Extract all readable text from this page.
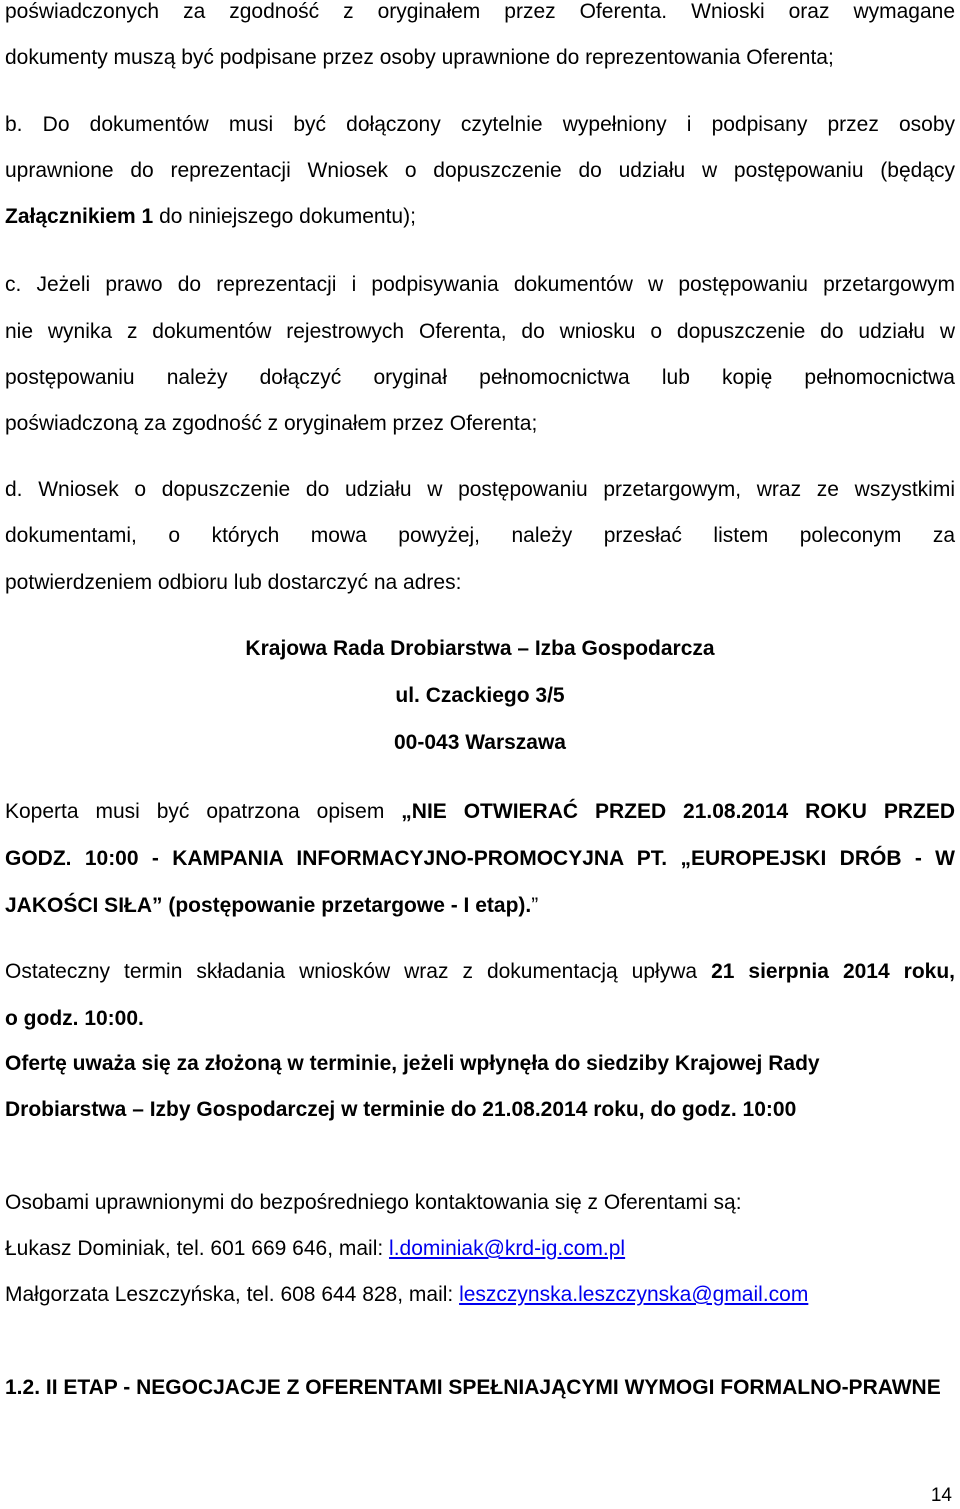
poświadczonych za zgodność z oryginałem przez Oferenta. Wnioski oraz wymagane
dokumenty muszą być podpisane przez osoby uprawnione do reprezentowania Oferenta;
b. Do dokumentów musi być dołączony czytelnie wypełniony i podpisany przez osoby
uprawnione do reprezentacji Wniosek o dopuszczenie do udziału w postępowaniu (będący
Załącznikiem 1 do niniejszego dokumentu);
c. Jeżeli prawo do reprezentacji i podpisywania dokumentów w postępowaniu przetargowym
nie wynika z dokumentów rejestrowych Oferenta, do wniosku o dopuszczenie do udziału w
postępowaniu należy dołączyć oryginał pełnomocnictwa lub kopię pełnomocnictwa
poświadczoną za zgodność z oryginałem przez Oferenta;
d. Wniosek o dopuszczenie do udziału w postępowaniu przetargowym, wraz ze wszystkimi
dokumentami, o których mowa powyżej, należy przesłać listem poleconym za
potwierdzeniem odbioru lub dostarczyć na adres:
Krajowa Rada Drobiarstwa – Izba Gospodarcza
ul. Czackiego 3/5
00-043 Warszawa
Koperta musi być opatrzona opisem „NIE OTWIERAĆ PRZED 21.08.2014 ROKU PRZED
GODZ. 10:00 - KAMPANIA INFORMACYJNO-PROMOCYJNA PT. „EUROPEJSKI DRÓB - W
JAKOŚCI SIŁA” (postępowanie przetargowe - I etap).”
Ostateczny termin składania wniosków wraz z dokumentacją upływa 21 sierpnia 2014 roku,
o godz. 10:00.
Ofertę uważa się za złożoną w terminie, jeżeli wpłynęła do siedziby Krajowej Rady
Drobiarstwa – Izby Gospodarczej w terminie do 21.08.2014 roku, do godz. 10:00
Osobami uprawnionymi do bezpośredniego kontaktowania się z Oferentami są:
Łukasz Dominiak, tel. 601 669 646, mail: l.dominiak@krd-ig.com.pl
Małgorzata Leszczyńska, tel. 608 644 828, mail: leszczynska.leszczynska@gmail.com
1.2. II ETAP - NEGOCJACJE Z OFERENTAMI SPEŁNIAJĄCYMI WYMOGI FORMALNO-PRAWNE
14
